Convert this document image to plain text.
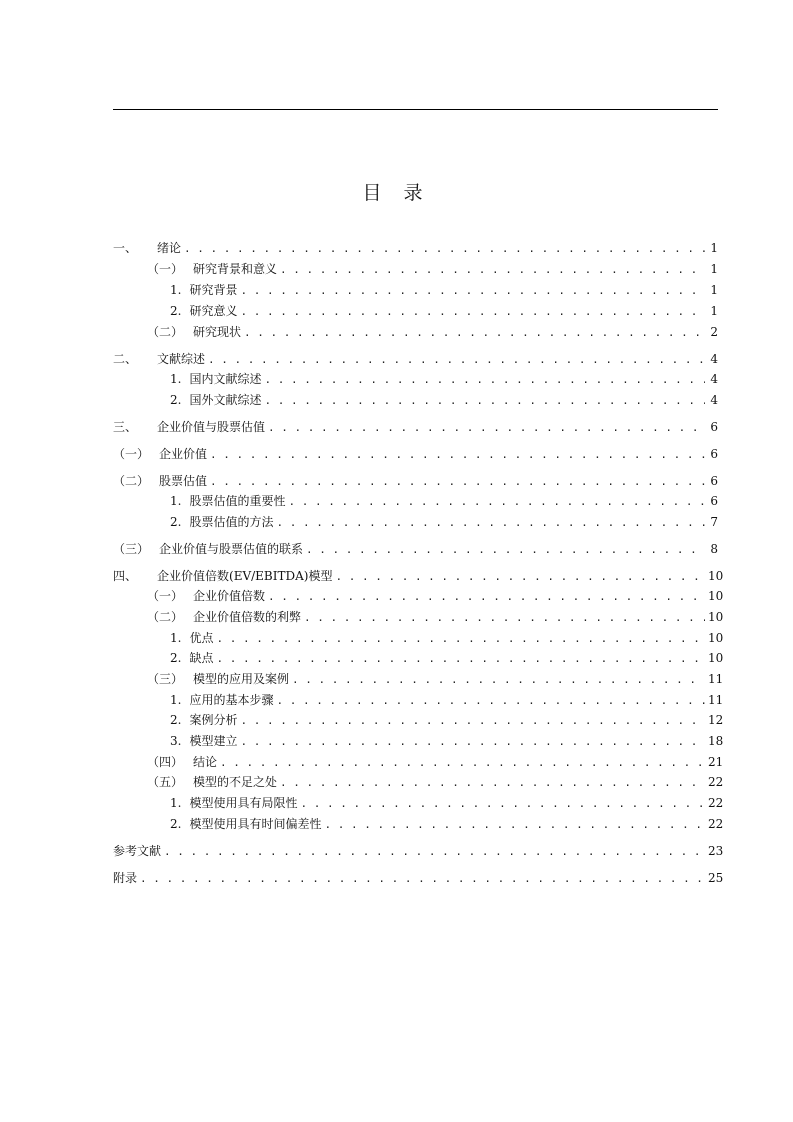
目 录
一、 绪论 . . .	1
（一） 研究背景和意义 . . .	1
1. 研究背景 . . .	1
2. 研究意义 . . .	1
（二） 研究现状 . . .	2
二、 文献综述 . . .	4
1. 国内文献综述 . . .	4
2. 国外文献综述 . . .	4
三、 企业价值与股票估值 . . .	6
（一） 企业价值 . . .	6
（二） 股票估值 . . .	6
1. 股票估值的重要性 . . .	6
2. 股票估值的方法 . . .	7
（三） 企业价值与股票估值的联系 . . .	8
四、 企业价值倍数(EV/EBITDA)模型 . . .	10
（一） 企业价值倍数 . . .	10
（二） 企业价值倍数的利弊 . . .	10
1. 优点 . . .	10
2. 缺点 . . .	10
（三） 模型的应用及案例 . . .	11
1. 应用的基本步骤 . . .	11
2. 案例分析 . . .	12
3. 模型建立 . . .	18
（四） 结论 . . .	21
（五） 模型的不足之处 . . .	22
1. 模型使用具有局限性 . . .	22
2. 模型使用具有时间偏差性 . . .	22
参考文献 . . .	23
附录 . . .	25
